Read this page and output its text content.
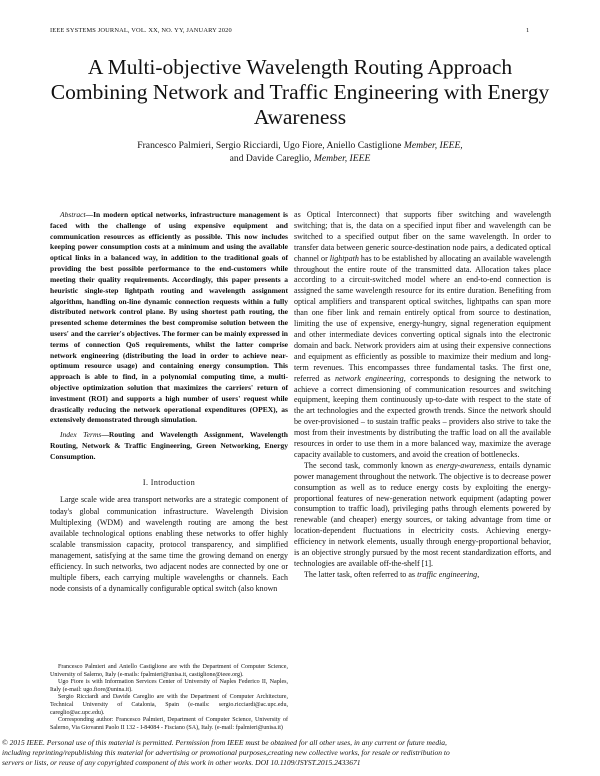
IEEE SYSTEMS JOURNAL, VOL. XX, NO. YY, JANUARY 2020	1
A Multi-objective Wavelength Routing Approach Combining Network and Traffic Engineering with Energy Awareness
Francesco Palmieri, Sergio Ricciardi, Ugo Fiore, Aniello Castiglione Member, IEEE,
and Davide Careglio, Member, IEEE

Abstract—In modern optical networks, infrastructure management is faced with the challenge of using expensive equipment and communication resources as efficiently as possible. This now includes keeping power consumption costs at a minimum and using the available optical links in a balanced way, in addition to the traditional goals of providing the best possible performance to the end-customers while meeting their quality requirements. Accordingly, this paper presents a heuristic single-step lightpath routing and wavelength assignment algorithm, handling on-line dynamic connection requests within a fully distributed network control plane. By using shortest path routing, the presented scheme determines the best compromise solution between the users' and the carrier's objectives. The former can be mainly expressed in terms of connection QoS requirements, whilst the latter comprise network engineering (distributing the load in order to achieve near-optimum resource usage) and containing energy consumption. This approach is able to find, in a polynomial computing time, a multi-objective optimization solution that maximizes the carriers' return of investment (ROI) and supports a high number of users' request while drastically reducing the network operational expenditures (OPEX), as extensively demonstrated through simulation.

Index Terms—Routing and Wavelength Assignment, Wavelength Routing, Network & Traffic Engineering, Green Networking, Energy Consumption.

I. Introduction

Large scale wide area transport networks are a strategic component of today's global communication infrastructure. Wavelength Division Multiplexing (WDM) and wavelength routing are among the best available technological options enabling these networks to offer highly scalable transmission capacity, protocol transparency, and simplified management, satisfying at the same time the growing demand on energy efficiency. In such networks, two adjacent nodes are connected by one or multiple fibers, each carrying multiple wavelengths or channels. Each node consists of a dynamically configurable optical switch (also known

Francesco Palmieri and Aniello Castiglione are with the Department of Computer Science, University of Salerno, Italy (e-mails: fpalmieri@unisa.it, castiglione@ieee.org).

Ugo Fiore is with Information Services Center of University of Naples Federico II, Naples, Italy (e-mail: ugo.fiore@unina.it).

Sergio Ricciardi and Davide Careglio are with the Department of Computer Architecture, Technical University of Catalonia, Spain (e-mails: sergio.ricciardi@ac.upc.edu, careglio@ac.upc.edu).

Corresponding author: Francesco Palmieri, Department of Computer Science, University of Salerno, Via Giovanni Paolo II 132 - I-84084 - Fisciano (SA), Italy. (e-mail: fpalmieri@unisa.it)

as Optical Interconnect) that supports fiber switching and wavelength switching; that is, the data on a specified input fiber and wavelength can be switched to a specified output fiber on the same wavelength. In order to transfer data between generic source-destination node pairs, a dedicated optical channel or lightpath has to be established by allocating an available wavelength throughout the entire route of the transmitted data. Allocation takes place according to a circuit-switched model where an end-to-end connection is assigned the same wavelength resource for its entire duration. Benefiting from optical amplifiers and transparent optical switches, lightpaths can span more than one fiber link and remain entirely optical from source to destination, limiting the use of expensive, energy-hungry, signal regeneration equipment and other intermediate devices converting optical signals into the electronic domain and back. Network providers aim at using their expensive connections and equipment as efficiently as possible to maximize their medium and long-term revenues. This encompasses three fundamental tasks. The first one, referred as network engineering, corresponds to designing the network to achieve a correct dimensioning of communication resources and switching equipment, keeping them continuously up-to-date with respect to the state of the art technologies and the expected growth trends. Since the network should be over-provisioned – to sustain traffic peaks – providers also strive to take the most from their investments by distributing the traffic load on all the available resources in order to use them in a more balanced way, maximize the average capacity available to customers, and avoid the creation of bottlenecks.

The second task, commonly known as energy-awareness, entails dynamic power management throughout the network. The objective is to decrease power consumption as well as to reduce energy costs by exploiting the energy-proportional features of new-generation network equipment (adapting power consumption to traffic load), privileging paths through elements powered by renewable (and cheaper) energy sources, or taking advantage from time or location-dependent fluctuations in electricity costs. Achieving energy-efficiency in network elements, usually through energy-proportional behavior, is an objective strongly pursued by the most recent standardization efforts, and technologies are available off-the-shelf [1].

The latter task, often referred to as traffic engineering,

© 2015 IEEE. Personal use of this material is permitted. Permission from IEEE must be obtained for all other uses, in any current or future media,

including reprinting/republishing this material for advertising or promotional purposes,creating new collective works, for resale or redistribution to

servers or lists, or reuse of any copyrighted component of this work in other works. DOI 10.1109/JSYST.2015.2433671
